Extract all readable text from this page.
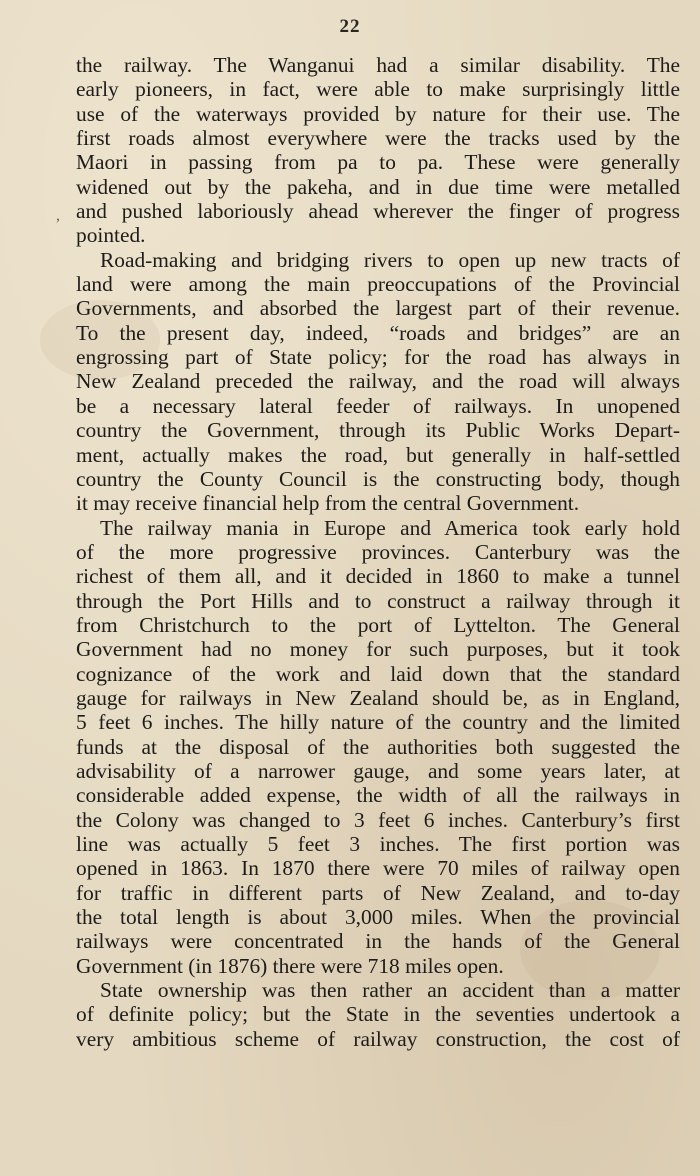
22
,
the railway. The Wanganui had a similar disability. The
early pioneers, in fact, were able to make surprisingly little
use of the waterways provided by nature for their use. The
first roads almost everywhere were the tracks used by the
Maori in passing from pa to pa. These were generally
widened out by the pakeha, and in due time were metalled
and pushed laboriously ahead wherever the finger of progress
pointed.
Road-making and bridging rivers to open up new tracts of
land were among the main preoccupations of the Provincial
Governments, and absorbed the largest part of their revenue.
To the present day, indeed, “roads and bridges” are an
engrossing part of State policy; for the road has always in
New Zealand preceded the railway, and the road will always
be a necessary lateral feeder of railways. In unopened
country the Government, through its Public Works Depart-
ment, actually makes the road, but generally in half-settled
country the County Council is the constructing body, though
it may receive financial help from the central Government.
The railway mania in Europe and America took early hold
of the more progressive provinces. Canterbury was the
richest of them all, and it decided in 1860 to make a tunnel
through the Port Hills and to construct a railway through it
from Christchurch to the port of Lyttelton. The General
Government had no money for such purposes, but it took
cognizance of the work and laid down that the standard
gauge for railways in New Zealand should be, as in England,
5 feet 6 inches. The hilly nature of the country and the limited
funds at the disposal of the authorities both suggested the
advisability of a narrower gauge, and some years later, at
considerable added expense, the width of all the railways in
the Colony was changed to 3 feet 6 inches. Canterbury’s first
line was actually 5 feet 3 inches. The first portion was
opened in 1863. In 1870 there were 70 miles of railway open
for traffic in different parts of New Zealand, and to-day
the total length is about 3,000 miles. When the provincial
railways were concentrated in the hands of the General
Government (in 1876) there were 718 miles open.
State ownership was then rather an accident than a matter
of definite policy; but the State in the seventies undertook a
very ambitious scheme of railway construction, the cost of
